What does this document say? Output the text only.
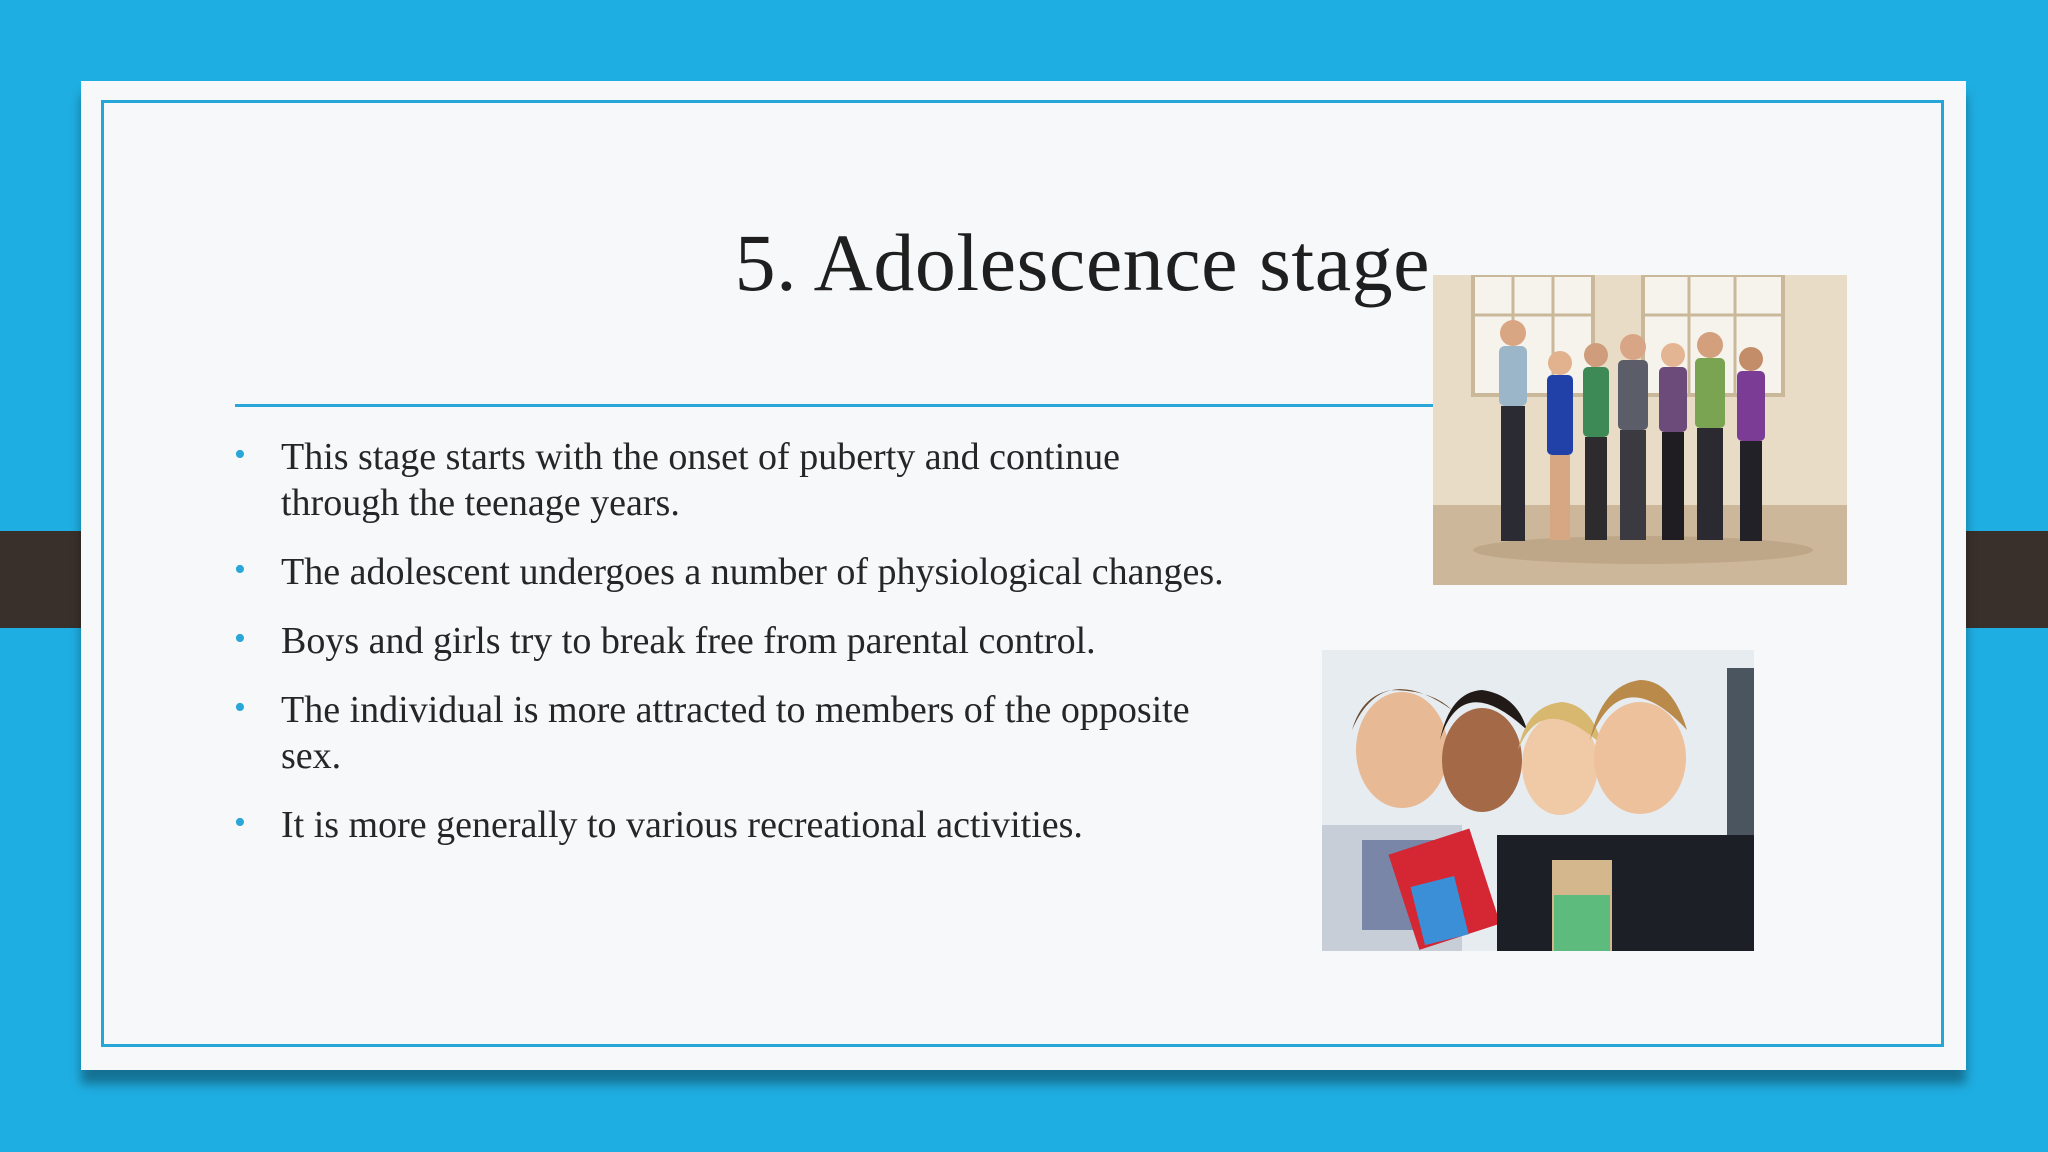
5. Adolescence stage
• This stage starts with the onset of puberty and continue through the teenage years.
• The adolescent undergoes a number of physiological changes.
• Boys and girls try to break free from parental control.
• The individual is more attracted to members of the opposite sex.
• It is more generally to various recreational activities.
